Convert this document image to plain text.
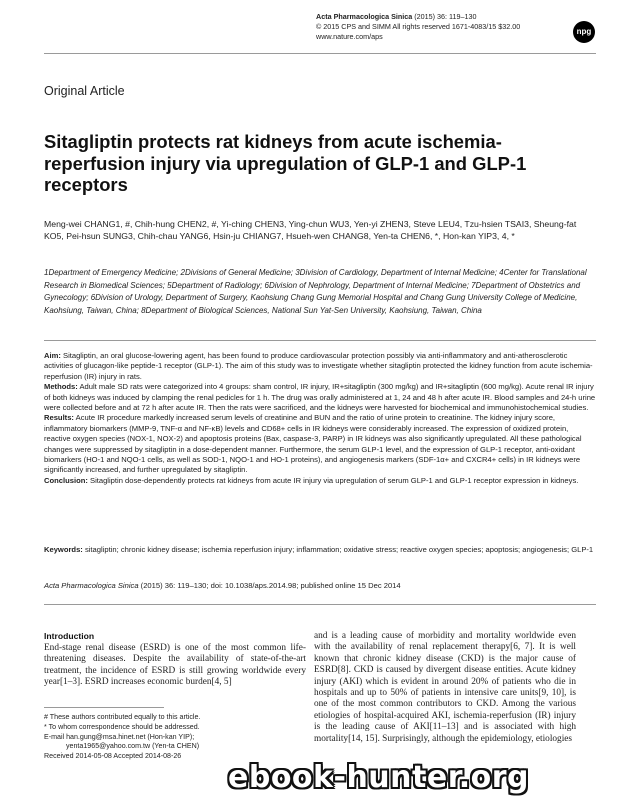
Acta Pharmacologica Sinica (2015) 36: 119–130
© 2015 CPS and SIMM All rights reserved 1671-4083/15 $32.00
www.nature.com/aps
npg
Original Article
Sitagliptin protects rat kidneys from acute ischemia-reperfusion injury via upregulation of GLP-1 and GLP-1 receptors
Meng-wei CHANG1, #, Chih-hung CHEN2, #, Yi-ching CHEN3, Ying-chun WU3, Yen-yi ZHEN3, Steve LEU4, Tzu-hsien TSAI3, Sheung-fat KO5, Pei-hsun SUNG3, Chih-chau YANG6, Hsin-ju CHIANG7, Hsueh-wen CHANG8, Yen-ta CHEN6, *, Hon-kan YIP3, 4, *
1Department of Emergency Medicine; 2Divisions of General Medicine; 3Division of Cardiology, Department of Internal Medicine; 4Center for Translational Research in Biomedical Sciences; 5Department of Radiology; 6Division of Nephrology, Department of Internal Medicine; 7Department of Obstetrics and Gynecology; 6Division of Urology, Department of Surgery, Kaohsiung Chang Gung Memorial Hospital and Chang Gung University College of Medicine, Kaohsiung, Taiwan, China; 8Department of Biological Sciences, National Sun Yat-Sen University, Kaohsiung, Taiwan, China

Aim: Sitagliptin, an oral glucose-lowering agent, has been found to produce cardiovascular protection possibly via anti-inflammatory and anti-atherosclerotic activities of glucagon-like peptide-1 receptor (GLP-1). The aim of this study was to investigate whether sitagliptin protected the kidney function from acute ischemia-reperfusion (IR) injury in rats.

Methods: Adult male SD rats were categorized into 4 groups: sham control, IR injury, IR+sitagliptin (300 mg/kg) and IR+sitagliptin (600 mg/kg). Acute renal IR injury of both kidneys was induced by clamping the renal pedicles for 1 h. The drug was orally administered at 1, 24 and 48 h after acute IR. Blood samples and 24-h urine were collected before and at 72 h after acute IR. Then the rats were sacrificed, and the kidneys were harvested for biochemical and immunohistochemical studies.

Results: Acute IR procedure markedly increased serum levels of creatinine and BUN and the ratio of urine protein to creatinine. The kidney injury score, inflammatory biomarkers (MMP-9, TNF-α and NF-κB) levels and CD68+ cells in IR kidneys were considerably increased. The expression of oxidized protein, reactive oxygen species (NOX-1, NOX-2) and apoptosis proteins (Bax, caspase-3, PARP) in IR kidneys was also significantly upregulated. All these pathological changes were suppressed by sitagliptin in a dose-dependent manner. Furthermore, the serum GLP-1 level, and the expression of GLP-1 receptor, anti-oxidant biomarkers (HO-1 and NQO-1 cells, as well as SOD-1, NQO-1 and HO-1 proteins), and angiogenesis markers (SDF-1α+ and CXCR4+ cells) in IR kidneys were significantly increased, and further upregulated by sitagliptin.

Conclusion: Sitagliptin dose-dependently protects rat kidneys from acute IR injury via upregulation of serum GLP-1 and GLP-1 receptor expression in kidneys.

Keywords: sitagliptin; chronic kidney disease; ischemia reperfusion injury; inflammation; oxidative stress; reactive oxygen species; apoptosis; angiogenesis; GLP-1
Acta Pharmacologica Sinica (2015) 36: 119–130; doi: 10.1038/aps.2014.98; published online 15 Dec 2014
Introduction
End-stage renal disease (ESRD) is one of the most common life-threatening diseases. Despite the availability of state-of-the-art treatment, the incidence of ESRD is still growing worldwide every year[1–3]. ESRD increases economic burden[4, 5]
and is a leading cause of morbidity and mortality worldwide even with the availability of renal replacement therapy[6, 7]. It is well known that chronic kidney disease (CKD) is the major cause of ESRD[8]. CKD is caused by divergent disease entities. Acute kidney injury (AKI) which is evident in around 20% of patients who die in hospitals and up to 50% of patients in intensive care units[9, 10], is one of the most common contributors to CKD. Among the various etiologies of hospital-acquired AKI, ischemia-reperfusion (IR) injury is the leading cause of AKI[11–13] and is associated with high mortality[14, 15]. Surprisingly, although the epidemiology, etiologies
# These authors contributed equally to this article.
* To whom correspondence should be addressed.
E-mail han.gung@msa.hinet.net (Hon-kan YIP);
yenta1965@yahoo.com.tw (Yen-ta CHEN)
Received 2014-05-08 Accepted 2014-08-26
ebook-hunter.org
